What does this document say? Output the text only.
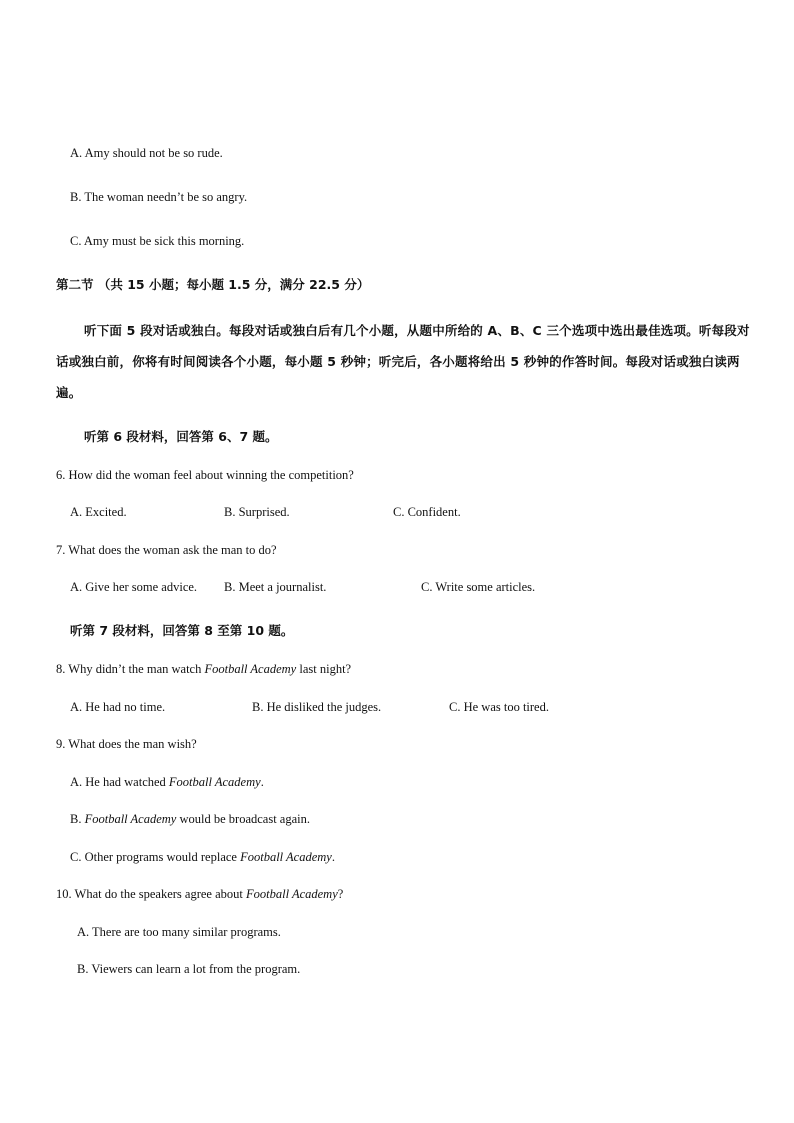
A. Amy should not be so rude.
B. The woman needn’t be so angry.
C. Amy must be sick this morning.
第二节 （共 15 小题；每小题 1.5 分，满分 22.5 分）
听下面 5 段对话或独白。每段对话或独白后有几个小题，从题中所给的 A、B、C 三个选项中选出最佳选项。听每段对话或独白前，你将有时间阅读各个小题，每小题 5 秒钟；听完后，各小题将给出 5 秒钟的作答时间。每段对话或独白读两遍。
听第 6 段材料，回答第 6、7 题。
6. How did the woman feel about winning the competition?
A. Excited.	B. Surprised.	C. Confident.
7. What does the woman ask the man to do?
A. Give her some advice. B. Meet a journalist.	C. Write some articles.
听第 7 段材料，回答第 8 至第 10 题。
8. Why didn’t the man watch Football Academy last night?
A. He had no time.	B. He disliked the judges.	C. He was too tired.
9. What does the man wish?
A. He had watched Football Academy.
B. Football Academy would be broadcast again.
C. Other programs would replace Football Academy.
10. What do the speakers agree about Football Academy?
A. There are too many similar programs.
B. Viewers can learn a lot from the program.
